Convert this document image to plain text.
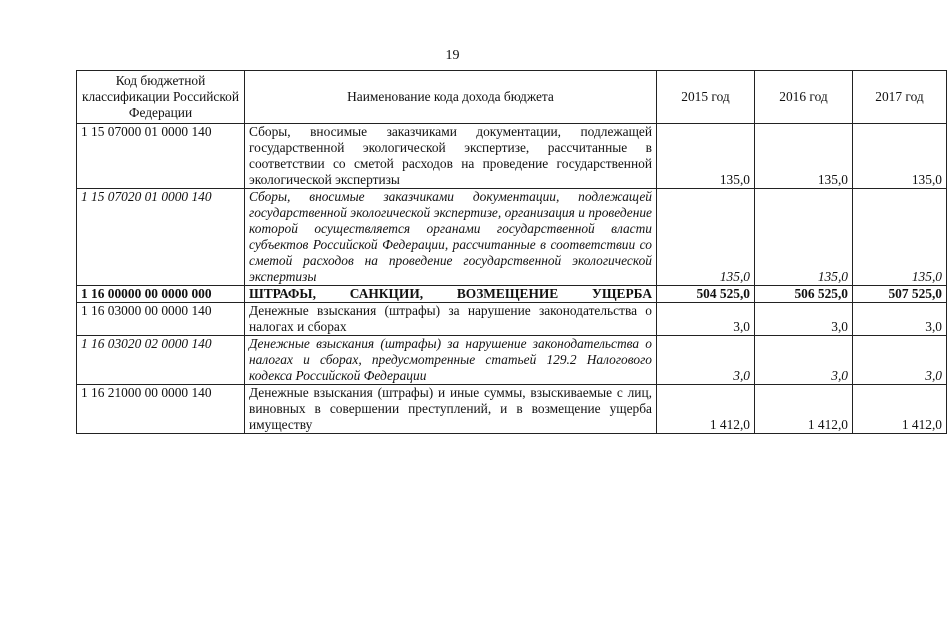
19
Код бюджетной классификации Российской Федерации	Наименование кода дохода бюджета	2015 год	2016 год	2017 год
1 15 07000 01 0000 140	Сборы, вносимые заказчиками документации, подлежащей государственной экологической экспертизе, рассчитанные в соответствии со сметой расходов на проведение государственной экологической экспертизы	135,0	135,0	135,0
1 15 07020 01 0000 140	Сборы, вносимые заказчиками документации, подлежащей государственной экологической экспертизе, организация и проведение которой осуществляется органами государственной власти субъектов Российской Федерации, рассчитанные в соответствии со сметой расходов на проведение государственной экологической экспертизы	135,0	135,0	135,0
1 16 00000 00 0000 000	ШТРАФЫ, САНКЦИИ, ВОЗМЕЩЕНИЕ УЩЕРБА	504 525,0	506 525,0	507 525,0
1 16 03000 00 0000 140	Денежные взыскания (штрафы) за нарушение законодательства о налогах и сборах	3,0	3,0	3,0
1 16 03020 02 0000 140	Денежные взыскания (штрафы) за нарушение законодательства о налогах и сборах, предусмотренные статьей 129.2 Налогового кодекса Российской Федерации	3,0	3,0	3,0
1 16 21000 00 0000 140	Денежные взыскания (штрафы) и иные суммы, взыскиваемые с лиц, виновных в совершении преступлений, и в возмещение ущерба имуществу	1 412,0	1 412,0	1 412,0
